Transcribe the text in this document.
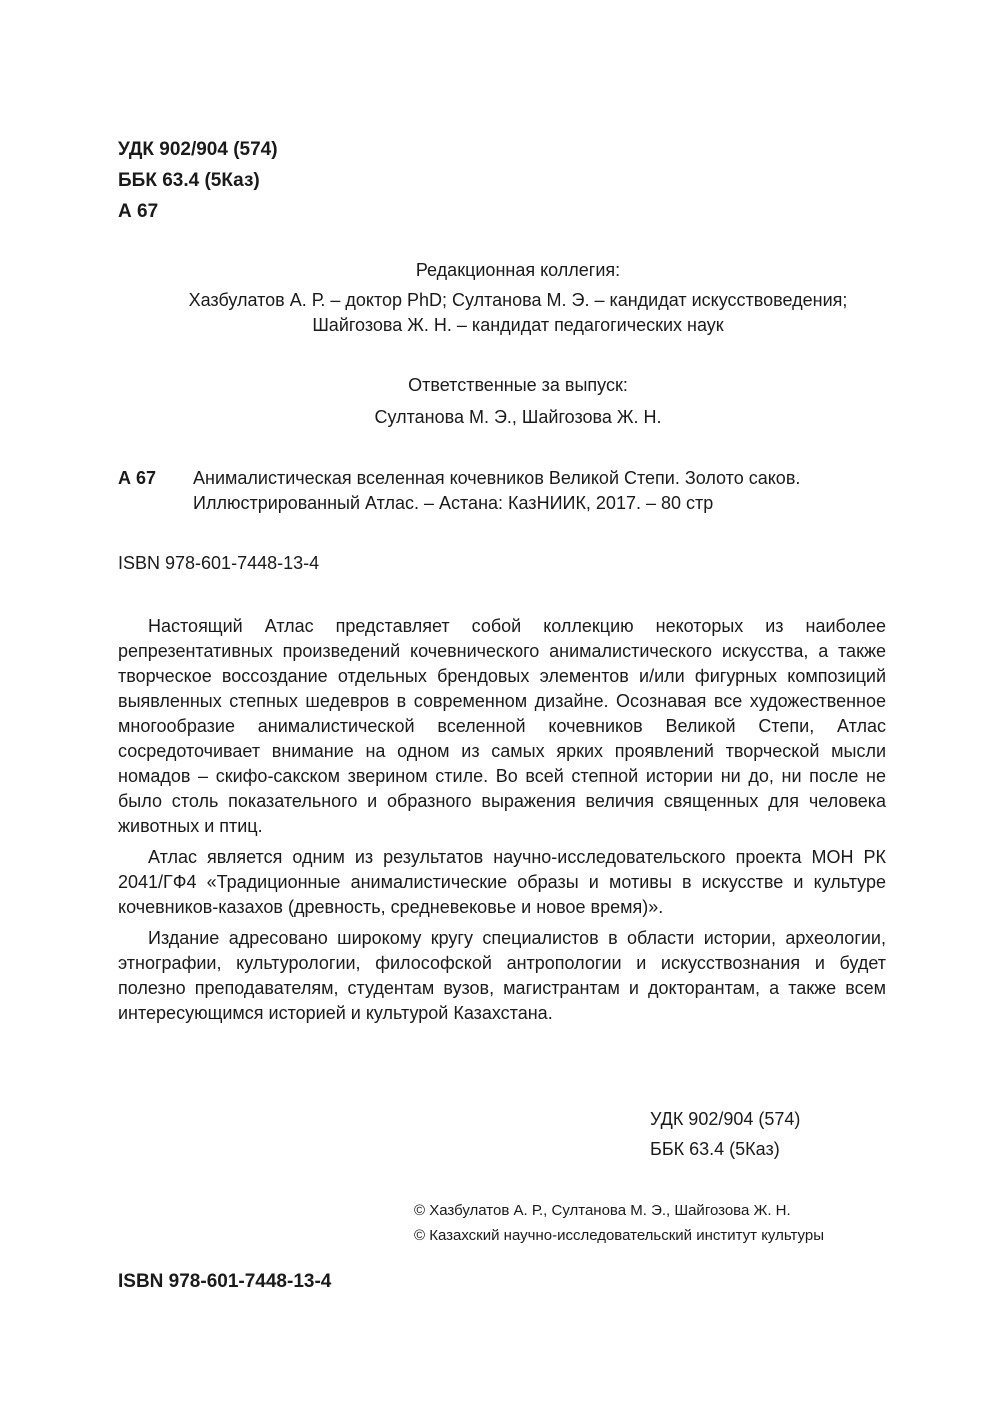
УДК 902/904 (574)
ББК 63.4 (5Каз)
А 67
Редакционная коллегия:
Хазбулатов А. Р. – доктор PhD; Султанова М. Э. – кандидат искусствоведения;
Шайгозова Ж. Н. – кандидат педагогических наук
Ответственные за выпуск:
Султанова М. Э., Шайгозова Ж. Н.
А 67 Анималистическая вселенная кочевников Великой Степи. Золото саков. Иллюстрированный Атлас. – Астана: КазНИИК, 2017. – 80 стр
ISBN 978-601-7448-13-4

Настоящий Атлас представляет собой коллекцию некоторых из наиболее репрезентативных произведений кочевнического анималистического искусства, а также творческое воссоздание отдельных брендовых элементов и/или фигурных композиций выявленных степных шедевров в современном дизайне. Осознавая все художественное многообразие анималистической вселенной кочевников Великой Степи, Атлас сосредоточивает внимание на одном из самых ярких проявлений творческой мысли номадов – скифо-сакском зверином стиле. Во всей степной истории ни до, ни после не было столь показательного и образного выражения величия священных для человека животных и птиц.

Атлас является одним из результатов научно-исследовательского проекта МОН РК 2041/ГФ4 «Традиционные анималистические образы и мотивы в искусстве и культуре кочевников-казахов (древность, средневековье и новое время)».

Издание адресовано широкому кругу специалистов в области истории, археологии, этнографии, культурологии, философской антропологии и искусствознания и будет полезно преподавателям, студентам вузов, магистрантам и докторантам, а также всем интересующимся историей и культурой Казахстана.

УДК 902/904 (574)
ББК 63.4 (5Каз)
© Хазбулатов А. Р., Султанова М. Э., Шайгозова Ж. Н.
© Казахский научно-исследовательский институт культуры
ISBN 978-601-7448-13-4
